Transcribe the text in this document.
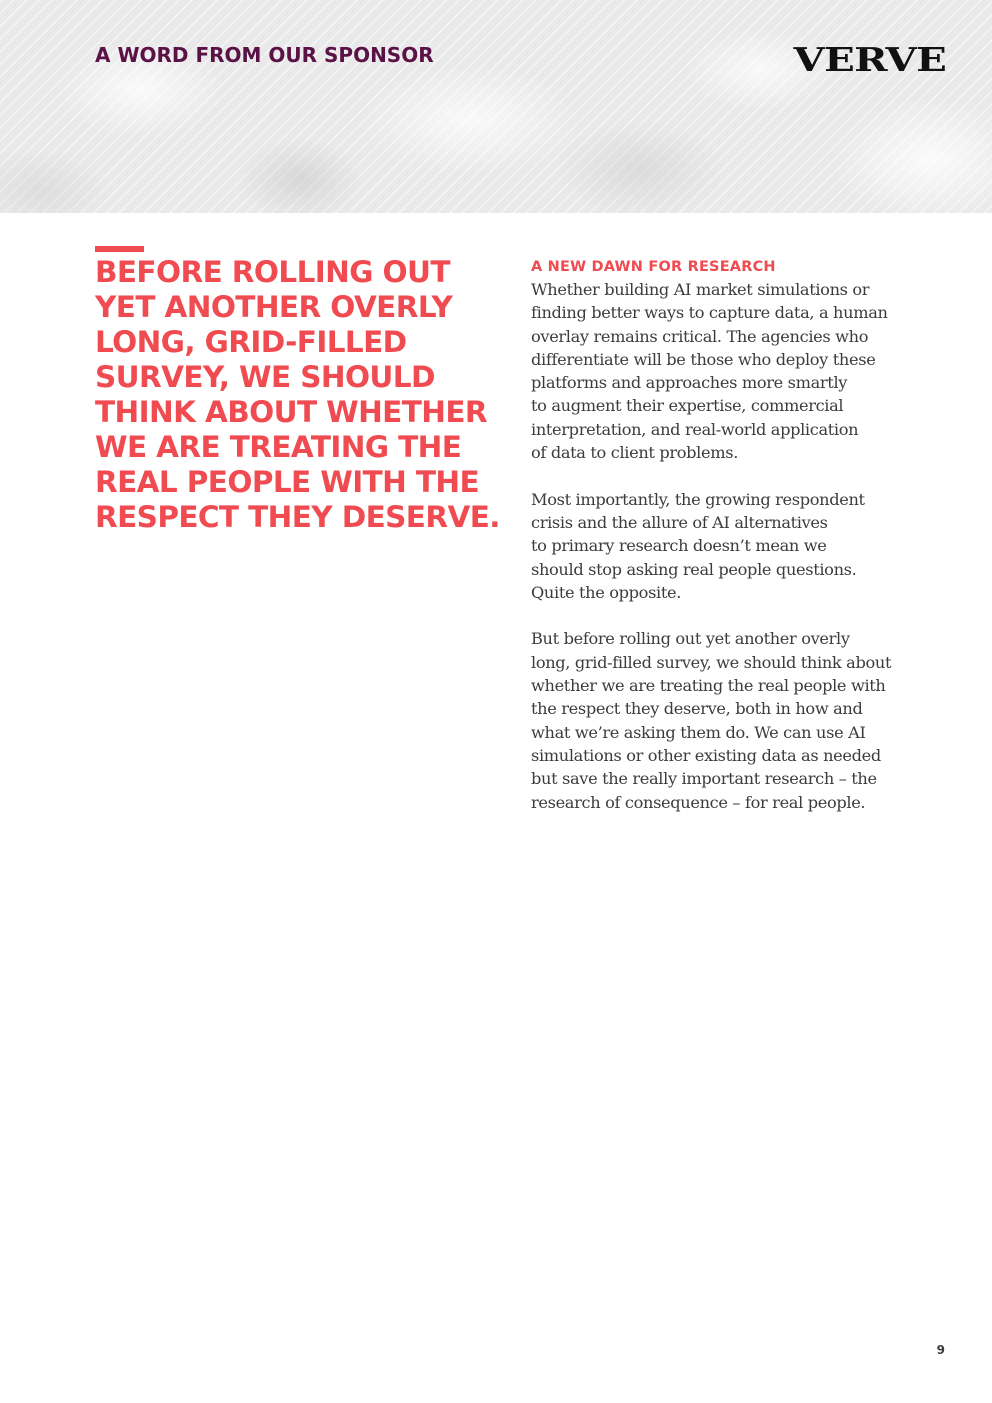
A WORD FROM OUR SPONSOR	VERVE
BEFORE ROLLING OUT YET ANOTHER OVERLY LONG, GRID-FILLED SURVEY, WE SHOULD THINK ABOUT WHETHER WE ARE TREATING THE REAL PEOPLE WITH THE RESPECT THEY DESERVE.
A NEW DAWN FOR RESEARCH

Whether building AI market simulations or
finding better ways to capture data, a human
overlay remains critical. The agencies who
differentiate will be those who deploy these
platforms and approaches more smartly
to augment their expertise, commercial
interpretation, and real-world application
of data to client problems.

Most importantly, the growing respondent
crisis and the allure of AI alternatives
to primary research doesn’t mean we
should stop asking real people questions.
Quite the opposite.

But before rolling out yet another overly
long, grid-filled survey, we should think about
whether we are treating the real people with
the respect they deserve, both in how and
what we’re asking them do. We can use AI
simulations or other existing data as needed
but save the really important research – the
research of consequence – for real people.

9
